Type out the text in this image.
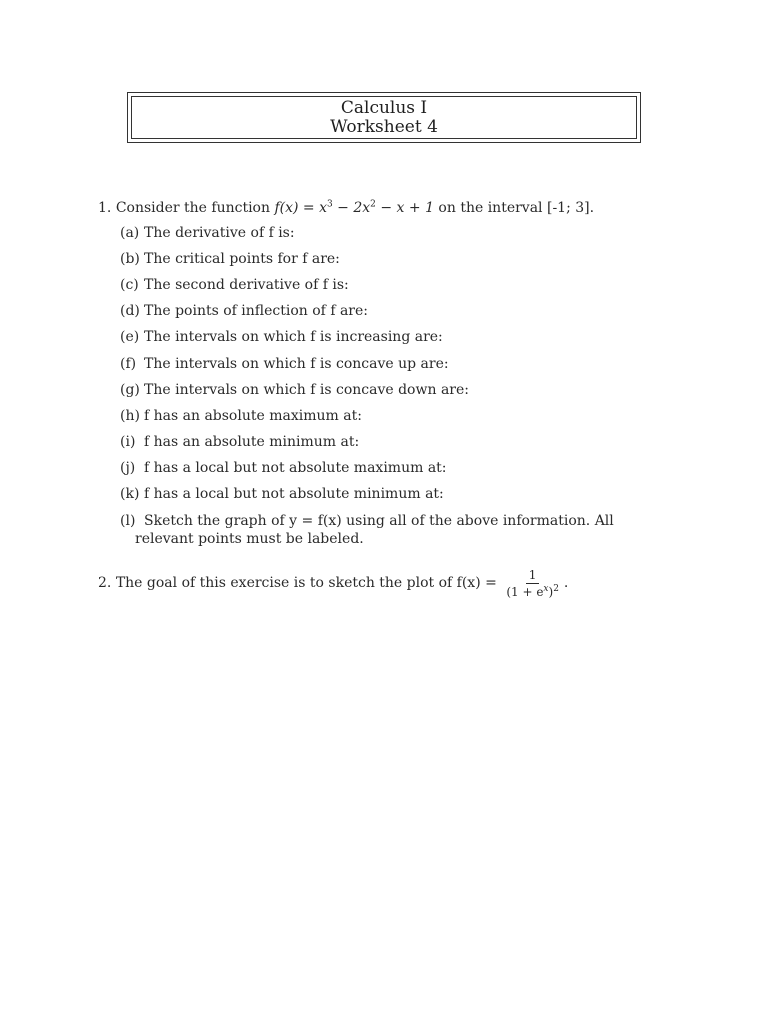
Calculus I
Worksheet 4
1. Consider the function $f(x) = x^3 - 2x^2 - x + 1$ on the interval [-1; 3].
(a) The derivative of f is:
(b) The critical points for f are:
(c) The second derivative of f is:
(d) The points of inflection of f are:
(e) The intervals on which f is increasing are:
(f) The intervals on which f is concave up are:
(g) The intervals on which f is concave down are:
(h) f has an absolute maximum at:
(i) f has an absolute minimum at:
(j) f has a local but not absolute maximum at:
(k) f has a local but not absolute minimum at:
(l) Sketch the graph of y = f(x) using all of the above information. All
relevant points must be labeled.
2. The goal of this exercise is to sketch the plot of $f(x) = \frac{1}{(1 + e^x)^2}$ .
